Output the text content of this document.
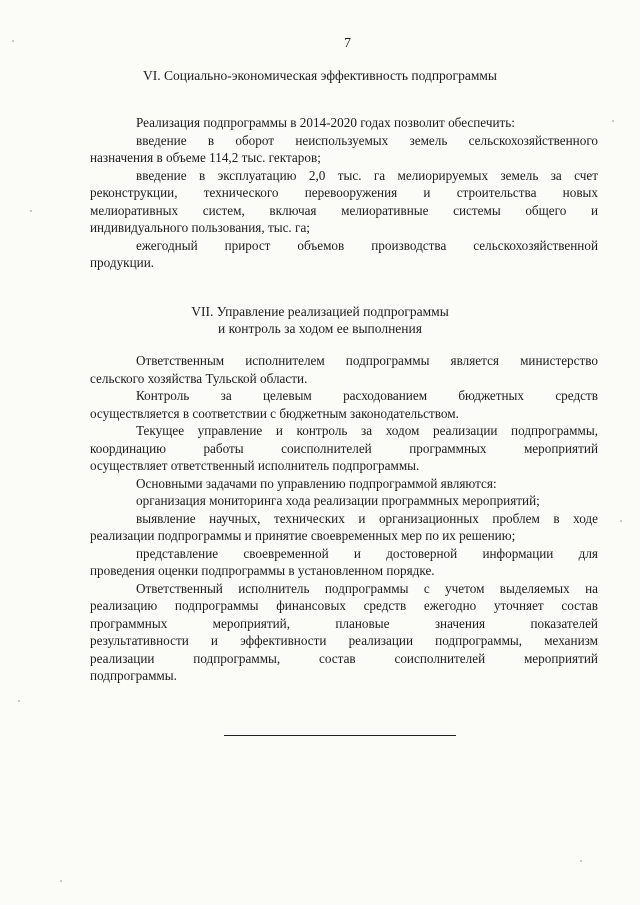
7
VI. Социально-экономическая эффективность подпрограммы
Реализация подпрограммы в 2014-2020 годах позволит обеспечить:
введение в оборот неиспользуемых земель сельскохозяйственного
назначения в объеме 114,2 тыс. гектаров;
введение в эксплуатацию 2,0 тыс. га мелиорируемых земель за счет
реконструкции, технического перевооружения и строительства новых
мелиоративных систем, включая мелиоративные системы общего и
индивидуального пользования, тыс. га;
ежегодный прирост объемов производства сельскохозяйственной
продукции.
VII. Управление реализацией подпрограммы
и контроль за ходом ее выполнения
Ответственным исполнителем подпрограммы является министерство
сельского хозяйства Тульской области.
Контроль за целевым расходованием бюджетных средств
осуществляется в соответствии с бюджетным законодательством.
Текущее управление и контроль за ходом реализации подпрограммы,
координацию работы соисполнителей программных мероприятий
осуществляет ответственный исполнитель подпрограммы.
Основными задачами по управлению подпрограммой являются:
организация мониторинга хода реализации программных мероприятий;
выявление научных, технических и организационных проблем в ходе
реализации подпрограммы и принятие своевременных мер по их решению;
представление своевременной и достоверной информации для
проведения оценки подпрограммы в установленном порядке.
Ответственный исполнитель подпрограммы с учетом выделяемых на
реализацию подпрограммы финансовых средств ежегодно уточняет состав
программных мероприятий, плановые значения показателей
результативности и эффективности реализации подпрограммы, механизм
реализации подпрограммы, состав соисполнителей мероприятий
подпрограммы.
